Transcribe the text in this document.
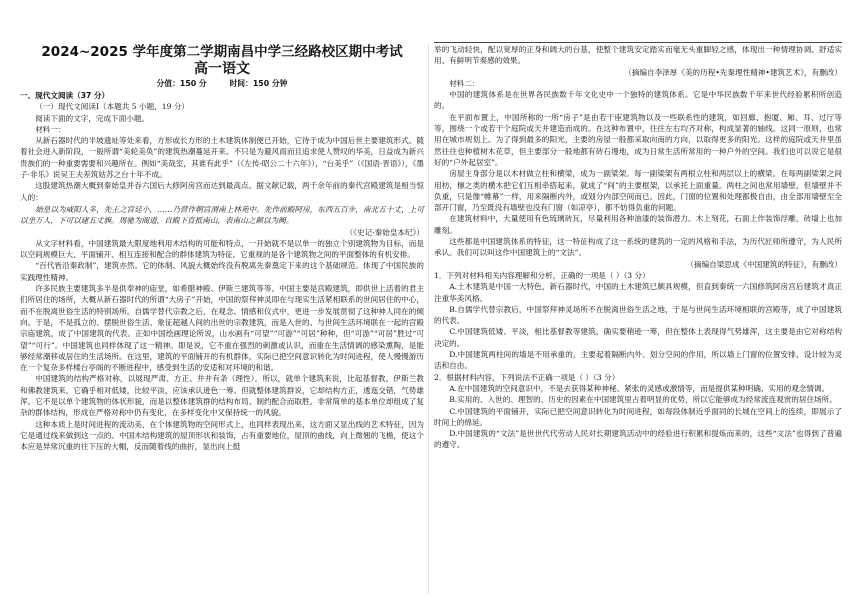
2024~2025 学年度第二学期南昌中学三经路校区期中考试
高一语文
分值：150 分	时间：150 分钟

一、现代文阅读（37 分）

（一）现代文阅读Ⅰ（本题共 5 小题，19 分）

阅读下面的文字，完成下面小题。

材料一：

从新石器时代的半坡遗址等处来看，方形或长方形的土木建筑体制便已开始，它待于成为中国后世主要建筑形式。随着社会进入新阶段，一般所谓“美轮美奂”的建筑热潮蔓延开来。不只是为避风雨而且追求使人赞叹的华美，日益成为新兴贵族们的一种重要需要和兴趣所在。例如“美哉室，其谁有此乎”（《左传·昭公二十六年》），“台美乎”（《国语·晋语》），《墨子·非乐》说吴王夫差筑姑苏之台十年不成。

这股建筑热潮大概到秦始皇并吞六国后大修阿房宫而达到最高点。据文献记载，两千余年前的秦代宫殿建筑是相当惊人的：

始皇以为咸阳人多，先王之宫廷小，……乃营作朝宫渭南上林苑中。先作前殿阿房，东西五百步，南北五十丈，上可以坐万人，下可以建五丈旗。周驰为阁道，自殿下直抵南山，表南山之颠以为阙。

（《史记·秦始皇本纪》）

从文字材料看，中国建筑最大限度地利用木结构的可能和特点，一开始就不是以单一的独立个别建筑物为目标，而是以空间规模巨大、平面铺开、相互连接和配合的群体建筑为特征。它重视的是各个建筑物之间的平面整体的有机安排。

“百代皆沿秦政制”，建筑亦然。它的体制、风貌大概始终没有脱离先秦奠定下来的这个基础规范。体现了中国民族的实践理性精神。

许多民族主要建筑多半是供奉神的庙堂，如希腊神殿、伊斯兰建筑等等。中国主要是宫殿建筑，即供世上活着的君主们所居住的场所，大概从新石器时代的所谓“大房子”开始，中国的祭拜神灵即在与现实生活紧相联系的世间居住的中心，而不在脱离世俗生活的特别场所。自儒学替代宗教之后，在观念、情感和仪式中，更进一步发展贯彻了这种神人同在的倾向。于是，不是孤立的、摆脱世俗生活、象征超越人间的出世的宗教建筑，而是入世的、与世间生活环境联在一起的宫殿宗庙建筑，成了中国建筑的代表。正如中国绘画理论所说，山水画有“可望”“可游”“可居”种种，但“可游”“可居”胜过“可望”“可行”。中国建筑也同样体现了这一精神。即是说，它不重在强烈的刺激或认识，而重在生活情调的感染熏陶，是能够经常潮移或居住的生活场所。在这里，建筑的平面铺开的有机群体，实际已把空间意识转化为时间进程，使人慢慢游历在一个复杂多样楼台亭阁的不断进程中，感受到生活的安适和对环境的和谐。

中国建筑的结构严格对称，以展现严肃、方正、井井有条（理性）。所以，就单个建筑来说，比起基督教、伊斯兰教和佛教建筑来，它确乎相对低矮，比较平淡，应该承认逊色一筹。但就整体建筑群说，它却结构方正，逶迤交错，气势雄浑。它不是以单个建筑物的体状形貌，而是以整体建筑群的结构布局、制约配合而取胜。非常简单的基本单位却组成了复杂的群体结构，形成在严格对称中仍有变化，在多样变化中又保持统一的风貌。

这种本质上是时间进程的流动美，在个体建筑物的空间形式上，也同样表现出来，这方面又显出线的艺术特征，因为它是通过线来做到这一点的。中国木结构建筑的屋顶形状和装饰，占有重要地位，屋顶的曲线，向上微翘的飞檐，使这个本应是异常沉重的往下压的大帽，反而随着线的曲折，显出向上挺

举的飞动轻快，配以宽厚的正身和阔大的台基，使整个建筑安定踏实而毫无头重脚轻之感，体现出一种情理协调、舒适实用、有鲜明节奏感的效果。

（摘编自李泽厚《美的历程•先秦理性精神•建筑艺术》，有删改）

材料二：

中国的建筑体系是在世界各民族数千年文化史中一个独特的建筑体系。它是中华民族数千年来世代经验累积所创造的。

在平面布置上，中国所称的一所“房子”是由若干座建筑物以及一些联系性的建筑，如回廊、抱厦、厢、耳、过厅等等，围绕一个或若干个庭院或天井建造而成的。在这种布置中，往往左右均齐对称，构成显著的轴线。这同一原则，也常用在城市规划上。为了得到最多的阳光，主要的房屋一般都采取向南的方向，以取得更多的阳光。这样的庭院或天井里虽然往往也种植树木花草，但主要部分一般地都有砖石墁地，成为日常生活所常用的一种户外的空间。我们也可以说它是很好的“户外起居室”。

房屋主身部分是以木材做立柱和横梁，成为一副梁架。每一副梁架有两根立柱和两层以上的横梁。在每两副梁架之间用枋，檩之类的横木把它们互相牵搭起来，就成了“间”的主要框架，以承托上面重量。两柱之间也常用墙壁，但墙壁并不负重，只是像“帷幕”一样，用来隔断内外，或划分内部空间而已。因此，门窗的位置和处理都极自由，由全部用墙壁至全部开门窗，乃至既没有墙壁也没有门窗（如凉亭），都不妨得负重的问题。

在建筑材料中，大量使用有色琉璃砖瓦，尽量利用各种油漆的装饰潜力。木上刻花，石面上作装饰浮雕，砖墙上也加雕刻。

这些都是中国建筑体系的特征，这一特征构成了这一系统的建筑的一定的风格和手法，为历代匠师所遵守，为人民所承认。我们可以叫这作中国建筑上的“文法”。

（摘编自梁思成《中国建筑的特征》，有删改）

1．下列对材料相关内容理解和分析，正确的一项是（ ）（3 分）

A.土木建筑是中国一大特色，新石器时代，中国的土木建筑已颇具规模，但直到秦统一六国修筑阿房宫后建筑才真正注重华美风格。

B.自儒学代替宗教后，中国祭拜神灵场所不在脱离世俗生活之地，于是与世间生活环境相联的宫殿等，成了中国建筑的代表。

C.中国建筑低矮、平淡，相比基督教等建筑，确实要稍逊一筹，但在整体上表现得气势雄浑，这主要是由它对称结构决定的。

D.中国建筑两柱间的墙是不用承重的，主要起着隔断内外、划分空间的作用，所以墙上门窗的位置安排，设计较为灵活和自由。

2．根据材料内容，下列说法不正确一项是（ ）（3 分）

A.在中国建筑的空间意识中，不是去获得某种神秘、紧张的灵感或激情等，而是提供某种明确、实用的观念情调。

B.实用的、入世的、理智的、历史的因素在中国建筑里占着明显的优势，所以它能够成为经常流连观赏的居住场所。

C.中国建筑的平面铺开，实际已把空间意识转化为时间进程，如每段体制近乎面同的长城在空间上的连续，即展示了时间上的绵延。

D.中国建筑的“文法”是世世代代劳动人民对长期建筑活动中的经验进行积累和提炼而来的，这些“文法”也得到了普遍的遵守。
